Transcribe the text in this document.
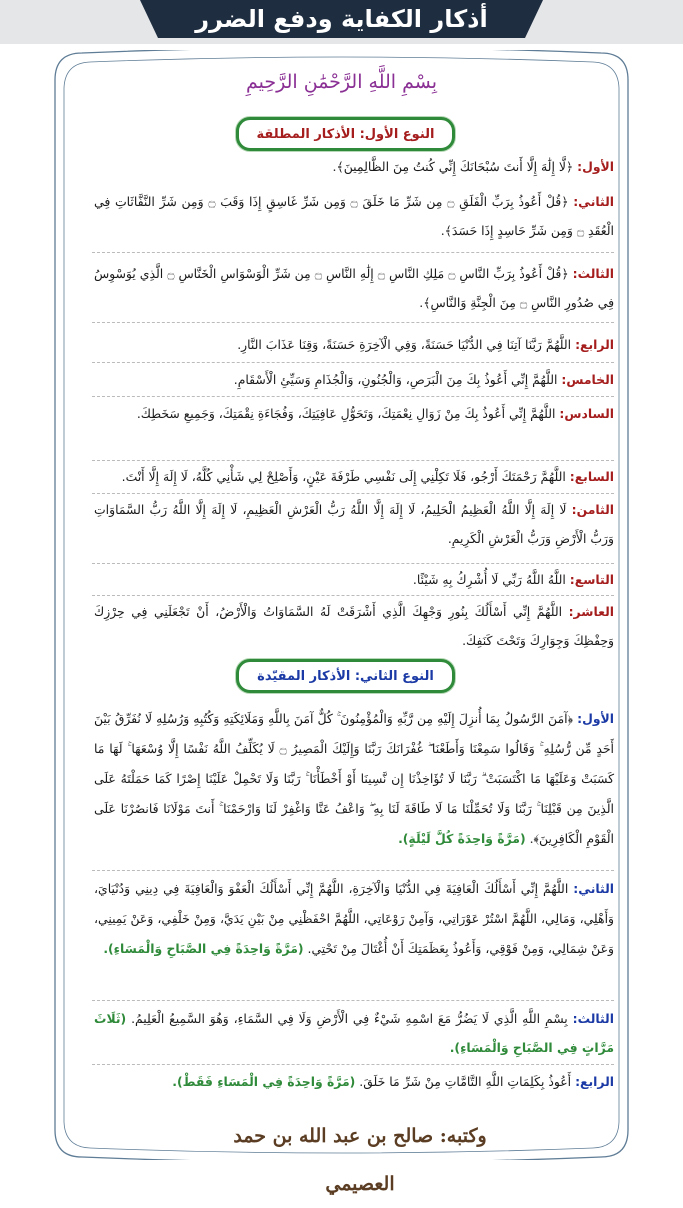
أذكار الكفاية ودفع الضرر
بِسْمِ اللَّهِ الرَّحْمَٰنِ الرَّحِيمِ
النوع الأول: الأذكار المطلقة
الأول: ﴿لَّا إِلَٰهَ إِلَّا أَنتَ سُبْحَانَكَ إِنِّي كُنتُ مِنَ الظَّالِمِينَ﴾.
الثاني: ﴿قُلْ أَعُوذُ بِرَبِّ الْفَلَقِ ۝ مِن شَرِّ مَا خَلَقَ ۝ وَمِن شَرِّ غَاسِقٍ إِذَا وَقَبَ ۝ وَمِن شَرِّ النَّفَّاثَاتِ فِي الْعُقَدِ ۝ وَمِن شَرِّ حَاسِدٍ إِذَا حَسَدَ﴾.
الثالث: ﴿قُلْ أَعُوذُ بِرَبِّ النَّاسِ ۝ مَلِكِ النَّاسِ ۝ إِلَٰهِ النَّاسِ ۝ مِن شَرِّ الْوَسْوَاسِ الْخَنَّاسِ ۝ الَّذِي يُوَسْوِسُ فِي صُدُورِ النَّاسِ ۝ مِنَ الْجِنَّةِ وَالنَّاسِ﴾.
الرابع: اللَّهُمَّ رَبَّنَا آتِنَا فِي الدُّنْيَا حَسَنَةً، وَفِي الْآخِرَةِ حَسَنَةً، وَقِنَا عَذَابَ النَّارِ.
الخامس: اللَّهُمَّ إِنِّي أَعُوذُ بِكَ مِنَ الْبَرَصِ، وَالْجُنُونِ، وَالْجُذَامِ وَسَيِّئِ الْأَسْقَامِ.
السادس: اللَّهُمَّ إِنِّي أَعُوذُ بِكَ مِنْ زَوَالِ نِعْمَتِكَ، وَتَحَوُّلِ عَافِيَتِكَ، وَفُجَاءَةِ نِقْمَتِكَ، وَجَمِيعِ سَخَطِكَ.
السابع: اللَّهُمَّ رَحْمَتَكَ أَرْجُو، فَلَا تَكِلْنِي إِلَى نَفْسِي طَرْفَةَ عَيْنٍ، وَأَصْلِحْ لِي شَأْنِي كُلَّهُ، لَا إِلَهَ إِلَّا أَنْتَ.
الثامن: لَا إِلَهَ إِلَّا اللَّهُ الْعَظِيمُ الْحَلِيمُ، لَا إِلَهَ إِلَّا اللَّهُ رَبُّ الْعَرْشِ الْعَظِيمِ، لَا إِلَهَ إِلَّا اللَّهُ رَبُّ السَّمَاوَاتِ وَرَبُّ الْأَرْضِ وَرَبُّ الْعَرْشِ الْكَرِيمِ.
التاسع: اللَّهُ اللَّهُ رَبِّي لَا أُشْرِكُ بِهِ شَيْئًا.
العاشر: اللَّهُمَّ إِنِّي أَسْأَلُكَ بِنُورِ وَجْهِكَ الَّذِي أَشْرَقَتْ لَهُ السَّمَاوَاتُ وَالْأَرْضُ، أَنْ تَجْعَلَنِي فِي حِرْزِكَ وَحِفْظِكَ وَجِوَارِكَ وَتَحْتَ كَنَفِكَ.
النوع الثاني: الأذكار المقيّدة
الأول: ﴿آمَنَ الرَّسُولُ بِمَا أُنزِلَ إِلَيْهِ مِن رَّبِّهِ وَالْمُؤْمِنُونَ ۚ كُلٌّ آمَنَ بِاللَّهِ وَمَلَائِكَتِهِ وَكُتُبِهِ وَرُسُلِهِ لَا نُفَرِّقُ بَيْنَ أَحَدٍ مِّن رُّسُلِهِ ۚ وَقَالُوا سَمِعْنَا وَأَطَعْنَا ۖ غُفْرَانَكَ رَبَّنَا وَإِلَيْكَ الْمَصِيرُ ۝ لَا يُكَلِّفُ اللَّهُ نَفْسًا إِلَّا وُسْعَهَا ۚ لَهَا مَا كَسَبَتْ وَعَلَيْهَا مَا اكْتَسَبَتْ ۗ رَبَّنَا لَا تُؤَاخِذْنَا إِن نَّسِينَا أَوْ أَخْطَأْنَا ۚ رَبَّنَا وَلَا تَحْمِلْ عَلَيْنَا إِصْرًا كَمَا حَمَلْتَهُ عَلَى الَّذِينَ مِن قَبْلِنَا ۚ رَبَّنَا وَلَا تُحَمِّلْنَا مَا لَا طَاقَةَ لَنَا بِهِ ۖ وَاعْفُ عَنَّا وَاغْفِرْ لَنَا وَارْحَمْنَا ۚ أَنتَ مَوْلَانَا فَانصُرْنَا عَلَى الْقَوْمِ الْكَافِرِينَ﴾. (مَرَّةً وَاحِدَةً كُلَّ لَيْلَةٍ).
الثاني: اللَّهُمَّ إِنِّي أَسْأَلُكَ الْعَافِيَةَ فِي الدُّنْيَا وَالْآخِرَةِ، اللَّهُمَّ إِنِّي أَسْأَلُكَ الْعَفْوَ وَالْعَافِيَةَ فِي دِينِي وَدُنْيَايَ، وَأَهْلِي، وَمَالِي، اللَّهُمَّ اسْتُرْ عَوْرَاتِي، وَآمِنْ رَوْعَاتِي، اللَّهُمَّ احْفَظْنِي مِنْ بَيْنِ يَدَيَّ، وَمِنْ خَلْفِي، وَعَنْ يَمِينِي، وَعَنْ شِمَالِي، وَمِنْ فَوْقِي، وَأَعُوذُ بِعَظَمَتِكَ أَنْ أُغْتَالَ مِنْ تَحْتِي. (مَرَّةً وَاحِدَةً فِي الصَّبَاحِ وَالْمَسَاءِ).
الثالث: بِسْمِ اللَّهِ الَّذِي لَا يَضُرُّ مَعَ اسْمِهِ شَيْءٌ فِي الْأَرْضِ وَلَا فِي السَّمَاءِ، وَهُوَ السَّمِيعُ الْعَلِيمُ. (ثَلَاثَ مَرَّاتٍ فِي الصَّبَاحِ وَالْمَسَاءِ).
الرابع: أَعُوذُ بِكَلِمَاتِ اللَّهِ التَّامَّاتِ مِنْ شَرِّ مَا خَلَقَ. (مَرَّةً وَاحِدَةً فِي الْمَسَاءِ فَقَطْ).
وكتبه: صالح بن عبد الله بن حمد العصيمي
